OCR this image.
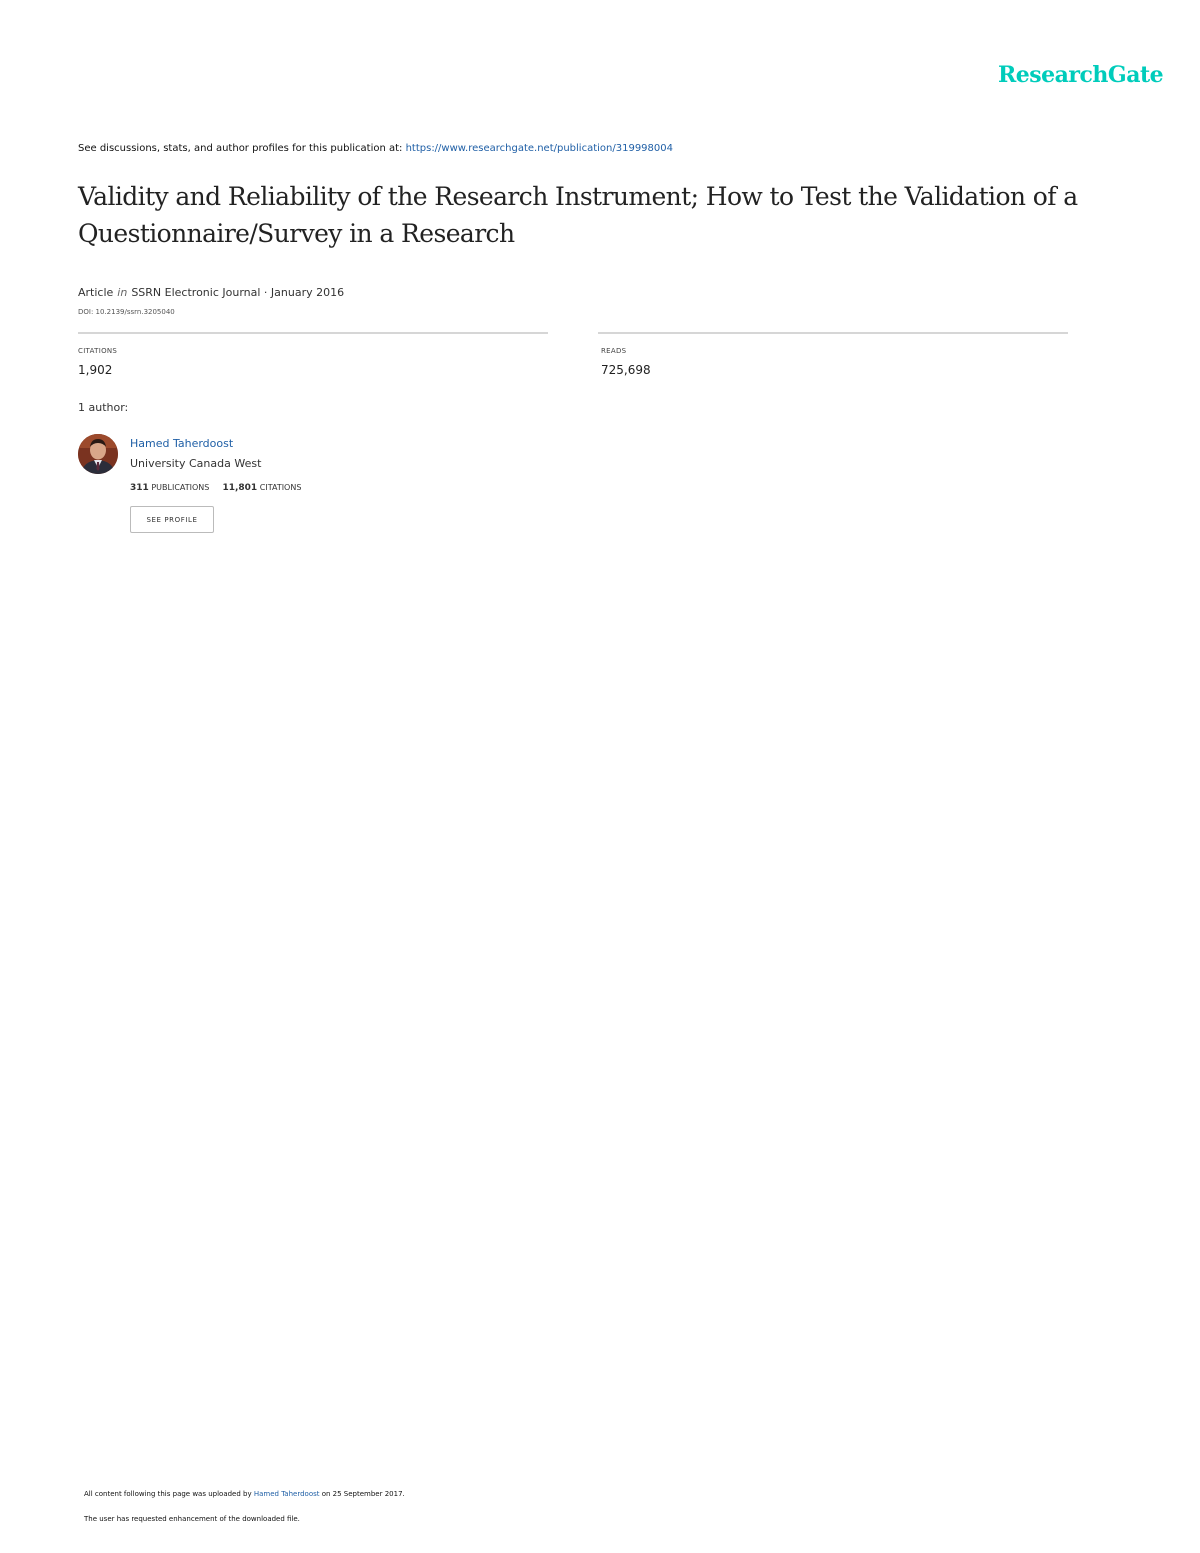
ResearchGate
See discussions, stats, and author profiles for this publication at: https://www.researchgate.net/publication/319998004
Validity and Reliability of the Research Instrument; How to Test the Validation of a Questionnaire/Survey in a Research
Article in SSRN Electronic Journal · January 2016
DOI: 10.2139/ssrn.3205040
CITATIONS
1,902
READS
725,698
1 author:
Hamed Taherdoost
University Canada West
311 PUBLICATIONS 11,801 CITATIONS
SEE PROFILE
All content following this page was uploaded by Hamed Taherdoost on 25 September 2017.
The user has requested enhancement of the downloaded file.
